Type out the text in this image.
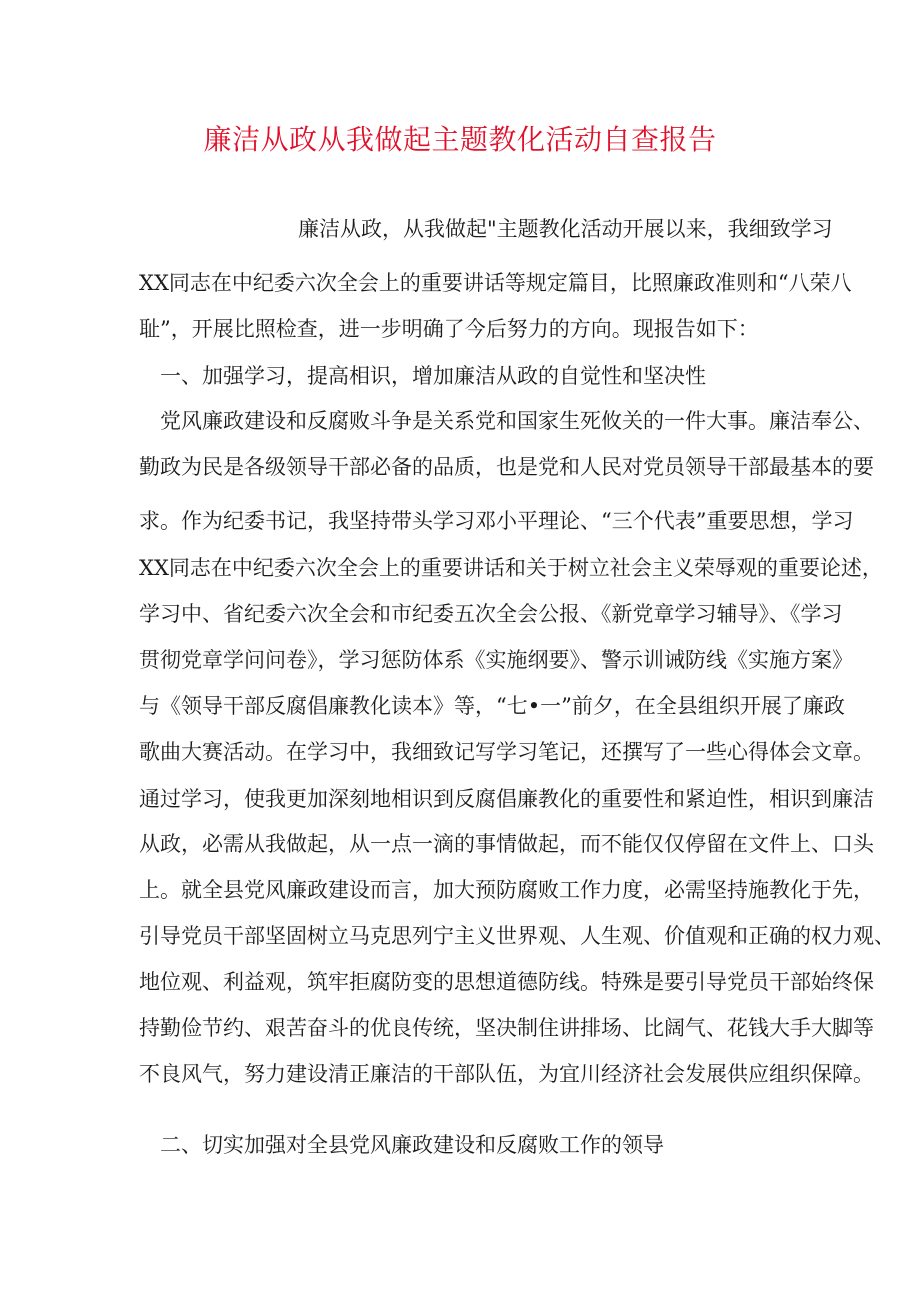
廉洁从政从我做起主题教化活动自查报告
廉洁从政，从我做起"主题教化活动开展以来，我细致学习
XX同志在中纪委六次全会上的重要讲话等规定篇目，比照廉政准则和“八荣八
耻”，开展比照检查，进一步明确了今后努力的方向。现报告如下：
一、加强学习，提高相识，增加廉洁从政的自觉性和坚决性
党风廉政建设和反腐败斗争是关系党和国家生死攸关的一件大事。廉洁奉公、
勤政为民是各级领导干部必备的品质，也是党和人民对党员领导干部最基本的要
求。作为纪委书记，我坚持带头学习邓小平理论、“三个代表”重要思想，学习
XX同志在中纪委六次全会上的重要讲话和关于树立社会主义荣辱观的重要论述，
学习中、省纪委六次全会和市纪委五次全会公报、《新党章学习辅导》、《学习
贯彻党章学问问卷》，学习惩防体系《实施纲要》、警示训诫防线《实施方案》
与《领导干部反腐倡廉教化读本》等，“七•一”前夕，在全县组织开展了廉政
歌曲大赛活动。在学习中，我细致记写学习笔记，还撰写了一些心得体会文章。
通过学习，使我更加深刻地相识到反腐倡廉教化的重要性和紧迫性，相识到廉洁
从政，必需从我做起，从一点一滴的事情做起，而不能仅仅停留在文件上、口头
上。就全县党风廉政建设而言，加大预防腐败工作力度，必需坚持施教化于先，
引导党员干部坚固树立马克思列宁主义世界观、人生观、价值观和正确的权力观、
地位观、利益观，筑牢拒腐防变的思想道德防线。特殊是要引导党员干部始终保
持勤俭节约、艰苦奋斗的优良传统，坚决制住讲排场、比阔气、花钱大手大脚等
不良风气，努力建设清正廉洁的干部队伍，为宜川经济社会发展供应组织保障。
二、切实加强对全县党风廉政建设和反腐败工作的领导
